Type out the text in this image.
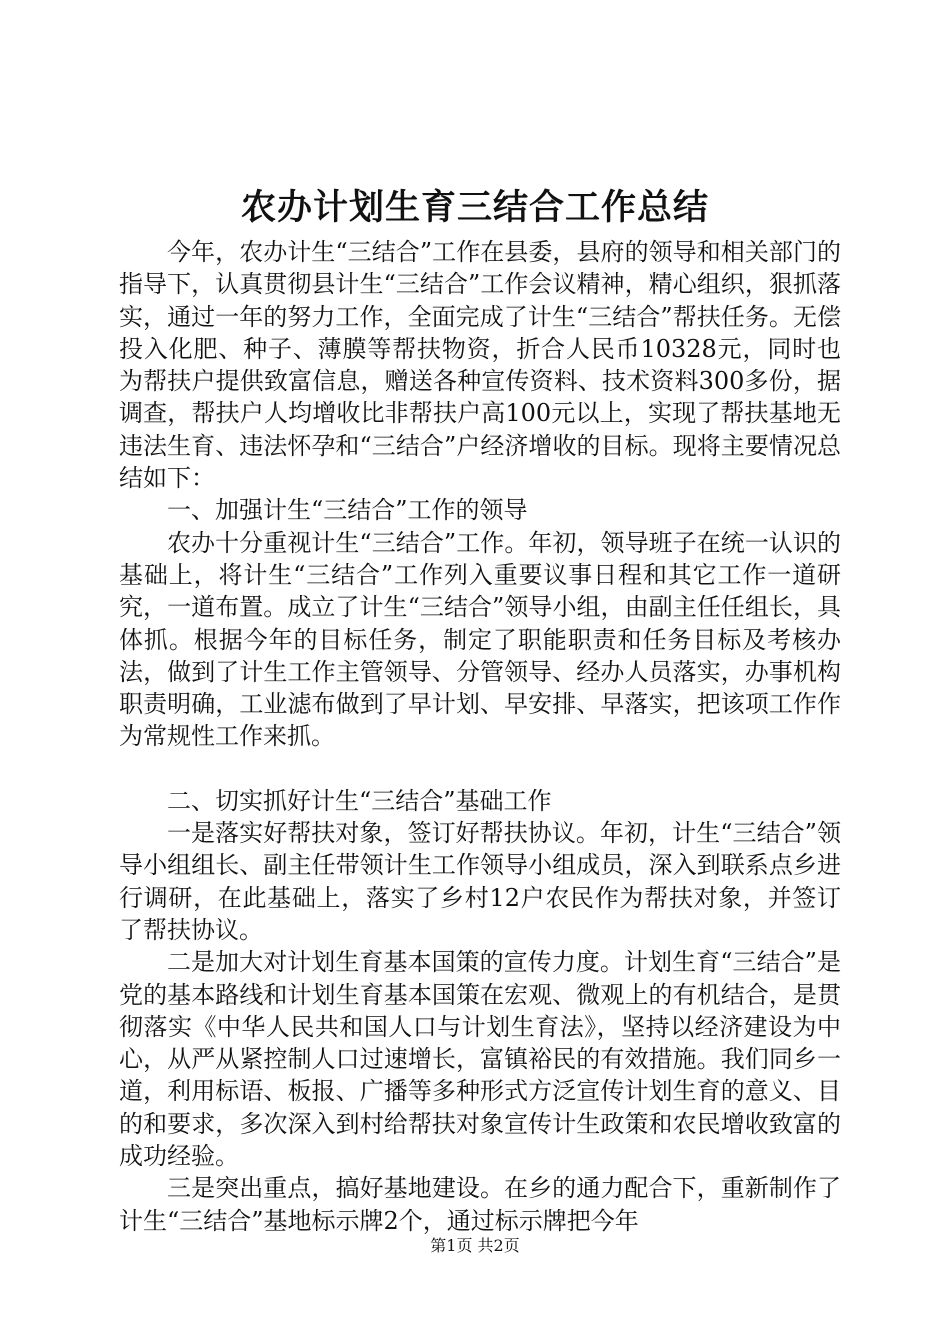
农办计划生育三结合工作总结

今年，农办计生“三结合”工作在县委，县府的领导和相关部门的指导下，认真贯彻县计生“三结合”工作会议精神，精心组织，狠抓落实，通过一年的努力工作，全面完成了计生“三结合”帮扶任务。无偿投入化肥、种子、薄膜等帮扶物资，折合人民币10328元，同时也为帮扶户提供致富信息，赠送各种宣传资料、技术资料300多份，据调查，帮扶户人均增收比非帮扶户高100元以上，实现了帮扶基地无违法生育、违法怀孕和“三结合”户经济增收的目标。现将主要情况总结如下：

一、加强计生“三结合”工作的领导

农办十分重视计生“三结合”工作。年初，领导班子在统一认识的基础上，将计生“三结合”工作列入重要议事日程和其它工作一道研究，一道布置。成立了计生“三结合”领导小组，由副主任任组长，具体抓。根据今年的目标任务，制定了职能职责和任务目标及考核办法，做到了计生工作主管领导、分管领导、经办人员落实，办事机构职责明确，工业滤布做到了早计划、早安排、早落实，把该项工作作为常规性工作来抓。

二、切实抓好计生“三结合”基础工作

一是落实好帮扶对象，签订好帮扶协议。年初，计生“三结合”领导小组组长、副主任带领计生工作领导小组成员，深入到联系点乡进行调研，在此基础上，落实了乡村12户农民作为帮扶对象，并签订了帮扶协议。

二是加大对计划生育基本国策的宣传力度。计划生育“三结合”是党的基本路线和计划生育基本国策在宏观、微观上的有机结合，是贯彻落实《中华人民共和国人口与计划生育法》，坚持以经济建设为中心，从严从紧控制人口过速增长，富镇裕民的有效措施。我们同乡一道，利用标语、板报、广播等多种形式方泛宣传计划生育的意义、目的和要求，多次深入到村给帮扶对象宣传计生政策和农民增收致富的成功经验。

三是突出重点，搞好基地建设。在乡的通力配合下，重新制作了计生“三结合”基地标示牌2个，通过标示牌把今年

第1页 共2页
